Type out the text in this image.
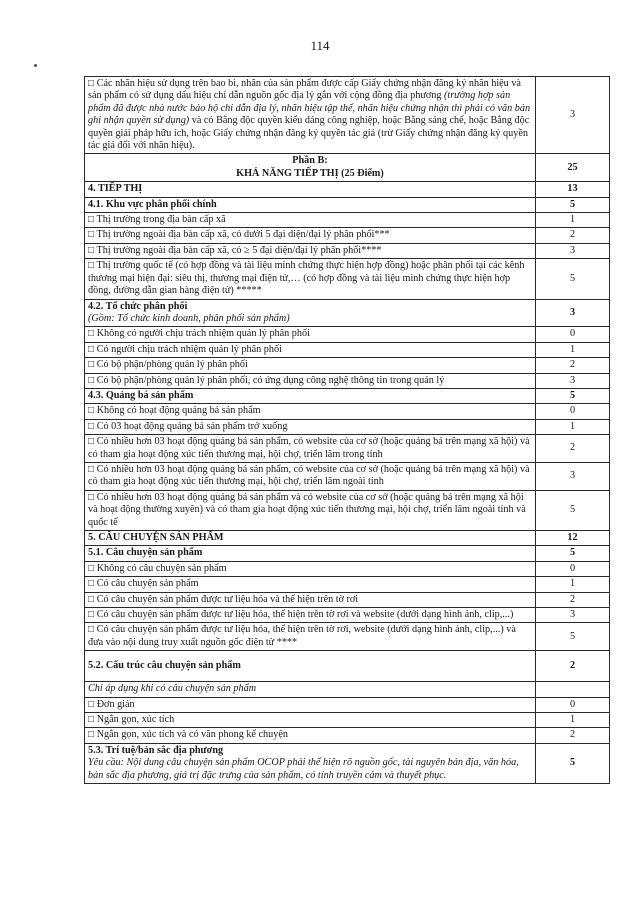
114
□ Các nhãn hiệu sử dụng trên bao bì, nhãn của sản phẩm được cấp Giấy chứng nhận đăng ký nhãn hiệu và sản phẩm có sử dụng dấu hiệu chỉ dẫn nguồn gốc địa lý gắn với cộng đồng địa phương (trường hợp sản phẩm đã được nhà nước bảo hộ chỉ dẫn địa lý, nhãn hiệu tập thể, nhãn hiệu chứng nhận thì phải có văn bản ghi nhận quyền sử dụng) và có Bằng độc quyền kiểu dáng công nghiệp, hoặc Bằng sáng chế, hoặc Bằng độc quyền giải pháp hữu ích, hoặc Giấy chứng nhận đăng ký quyền tác giả (trừ Giấy chứng nhận đăng ký quyền tác giả đối với nhãn hiệu).	3

Phần B:
KHẢ NĂNG TIẾP THỊ (25 Điểm)	25
4. TIẾP THỊ	13
4.1. Khu vực phân phối chính	5
□ Thị trường trong địa bàn cấp xã	1
□ Thị trường ngoài địa bàn cấp xã, có dưới 5 đại diện/đại lý phân phối***	2
□ Thị trường ngoài địa bàn cấp xã, có ≥ 5 đại diện/đại lý phân phối****	3
□ Thị trường quốc tế (có hợp đồng và tài liệu minh chứng thực hiện hợp đồng) hoặc phân phối tại các kênh thương mại hiện đại: siêu thị, thương mại điện tử,… (có hợp đồng và tài liệu minh chứng thực hiện hợp đồng, đường dẫn gian hàng điện tử) *****	5

4.2. Tổ chức phân phối
(Gồm: Tổ chức kinh doanh, phân phối sản phẩm)	3
□ Không có người chịu trách nhiệm quản lý phân phối	0
□ Có người chịu trách nhiệm quản lý phân phối	1
□ Có bộ phận/phòng quản lý phân phối	2
□ Có bộ phận/phòng quản lý phân phối, có ứng dụng công nghệ thông tin trong quản lý	3
4.3. Quảng bá sản phẩm	5
□ Không có hoạt động quảng bá sản phẩm	0
□ Có 03 hoạt động quảng bá sản phẩm trở xuống	1
□ Có nhiều hơn 03 hoạt động quảng bá sản phẩm, có website của cơ sở (hoặc quảng bá trên mạng xã hội) và có tham gia hoạt động xúc tiến thương mại, hội chợ, triển lãm trong tỉnh	2
□ Có nhiều hơn 03 hoạt động quảng bá sản phẩm, có website của cơ sở (hoặc quảng bá trên mạng xã hội) và có tham gia hoạt động xúc tiến thương mại, hội chợ, triển lãm ngoài tỉnh	3
□ Có nhiều hơn 03 hoạt động quảng bá sản phẩm và có website của cơ sở (hoặc quảng bá trên mạng xã hội và hoạt động thường xuyên) và có tham gia hoạt động xúc tiến thương mại, hội chợ, triển lãm ngoài tỉnh và quốc tế	5
5. CÂU CHUYỆN SẢN PHẨM	12
5.1. Câu chuyện sản phẩm	5
□ Không có câu chuyện sản phẩm	0
□ Có câu chuyện sản phẩm	1
□ Có câu chuyện sản phẩm được tư liệu hóa và thể hiện trên tờ rơi	2
□ Có câu chuyện sản phẩm được tư liệu hóa, thể hiện trên tờ rơi và website (dưới dạng hình ảnh, clip,...)	3
□ Có câu chuyện sản phẩm được tư liệu hóa, thể hiện trên tờ rơi, website (dưới dạng hình ảnh, clip,...) và đưa vào nội dung truy xuất nguồn gốc điện tử ****	5
5.2. Cấu trúc câu chuyện sản phẩm	2
Chỉ áp dụng khi có câu chuyện sản phẩm	
□ Đơn giản	0
□ Ngắn gọn, xúc tích	1
□ Ngắn gọn, xúc tích và có văn phong kể chuyện	2

5.3. Trí tuệ/bản sắc địa phương
Yêu cầu: Nội dung câu chuyện sản phẩm OCOP phải thể hiện rõ nguồn gốc, tài nguyên bản địa, văn hóa, bản sắc địa phương, giá trị đặc trưng của sản phẩm, có tính truyền cảm và thuyết phục.	5
